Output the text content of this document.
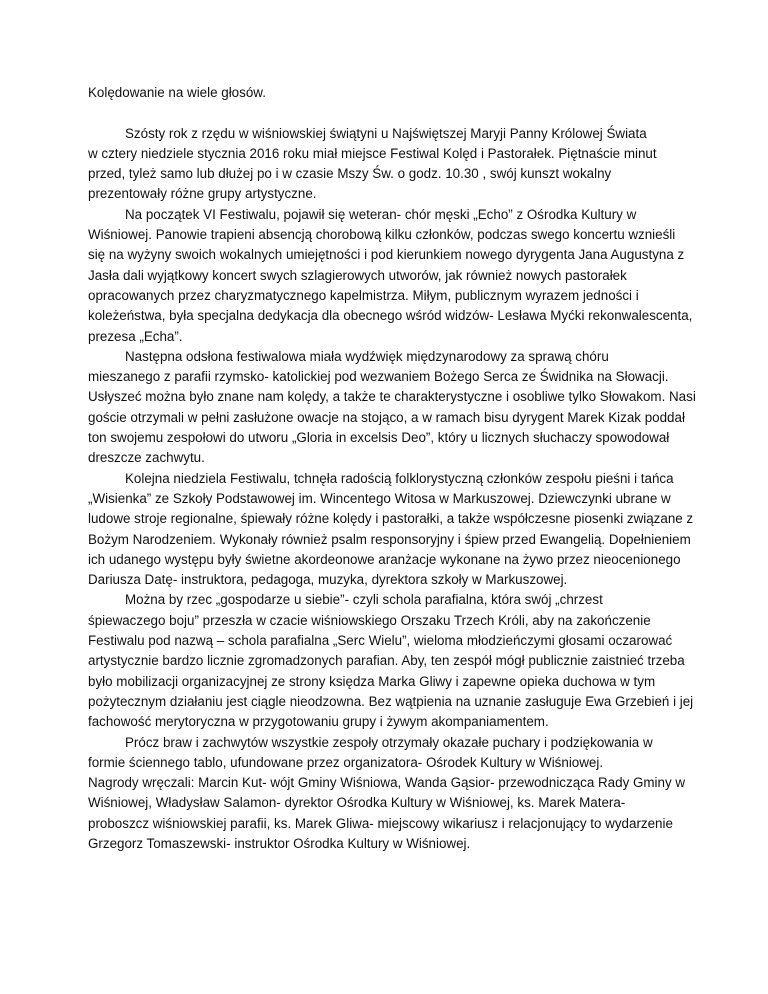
Kolędowanie na wiele głosów.

Szósty rok z rzędu w wiśniowskiej świątyni u Najświętszej Maryji Panny Królowej Świata
w cztery niedziele stycznia 2016 roku miał miejsce Festiwal Kolęd i Pastorałek. Piętnaście minut
przed, tyleż samo lub dłużej po i w czasie Mszy Św. o godz. 10.30 , swój kunszt wokalny
prezentowały różne grupy artystyczne.
Na początek VI Festiwalu, pojawił się weteran- chór męski „Echo” z Ośrodka Kultury w
Wiśniowej. Panowie trapieni absencją chorobową kilku członków, podczas swego koncertu wznieśli
się na wyżyny swoich wokalnych umiejętności i pod kierunkiem nowego dyrygenta Jana Augustyna z
Jasła dali wyjątkowy koncert swych szlagierowych utworów, jak również nowych pastorałek
opracowanych przez charyzmatycznego kapelmistrza. Miłym, publicznym wyrazem jedności i
koleżeństwa, była specjalna dedykacja dla obecnego wśród widzów- Lesława Myćki rekonwalescenta,
prezesa „Echa”.
Następna odsłona festiwalowa miała wydźwięk międzynarodowy za sprawą chóru
mieszanego z parafii rzymsko- katolickiej pod wezwaniem Bożego Serca ze Świdnika na Słowacji.
Usłyszeć można było znane nam kolędy, a także te charakterystyczne i osobliwe tylko Słowakom. Nasi
goście otrzymali w pełni zasłużone owacje na stojąco, a w ramach bisu dyrygent Marek Kizak poddał
ton swojemu zespołowi do utworu „Gloria in excelsis Deo”, który u licznych słuchaczy spowodował
dreszcze zachwytu.
Kolejna niedziela Festiwalu, tchnęła radością folklorystyczną członków zespołu pieśni i tańca
„Wisienka” ze Szkoły Podstawowej im. Wincentego Witosa w Markuszowej. Dziewczynki ubrane w
ludowe stroje regionalne, śpiewały różne kolędy i pastorałki, a także współczesne piosenki związane z
Bożym Narodzeniem. Wykonały również psalm responsoryjny i śpiew przed Ewangelią. Dopełnieniem
ich udanego występu były świetne akordeonowe aranżacje wykonane na żywo przez nieocenionego
Dariusza Datę- instruktora, pedagoga, muzyka, dyrektora szkoły w Markuszowej.
Można by rzec „gospodarze u siebie”- czyli schola parafialna, która swój „chrzest
śpiewaczego boju” przeszła w czacie wiśniowskiego Orszaku Trzech Króli, aby na zakończenie
Festiwalu pod nazwą – schola parafialna „Serc Wielu”, wieloma młodzieńczymi głosami oczarować
artystycznie bardzo licznie zgromadzonych parafian. Aby, ten zespół mógł publicznie zaistnieć trzeba
było mobilizacji organizacyjnej ze strony księdza Marka Gliwy i zapewne opieka duchowa w tym
pożytecznym działaniu jest ciągle nieodzowna. Bez wątpienia na uznanie zasługuje Ewa Grzebień i jej
fachowość merytoryczna w przygotowaniu grupy i żywym akompaniamentem.
Prócz braw i zachwytów wszystkie zespoły otrzymały okazałe puchary i podziękowania w
formie ściennego tablo, ufundowane przez organizatora- Ośrodek Kultury w Wiśniowej.
Nagrody wręczali: Marcin Kut- wójt Gminy Wiśniowa, Wanda Gąsior- przewodnicząca Rady Gminy w
Wiśniowej, Władysław Salamon- dyrektor Ośrodka Kultury w Wiśniowej, ks. Marek Matera-
proboszcz wiśniowskiej parafii, ks. Marek Gliwa- miejscowy wikariusz i relacjonujący to wydarzenie
Grzegorz Tomaszewski- instruktor Ośrodka Kultury w Wiśniowej.
